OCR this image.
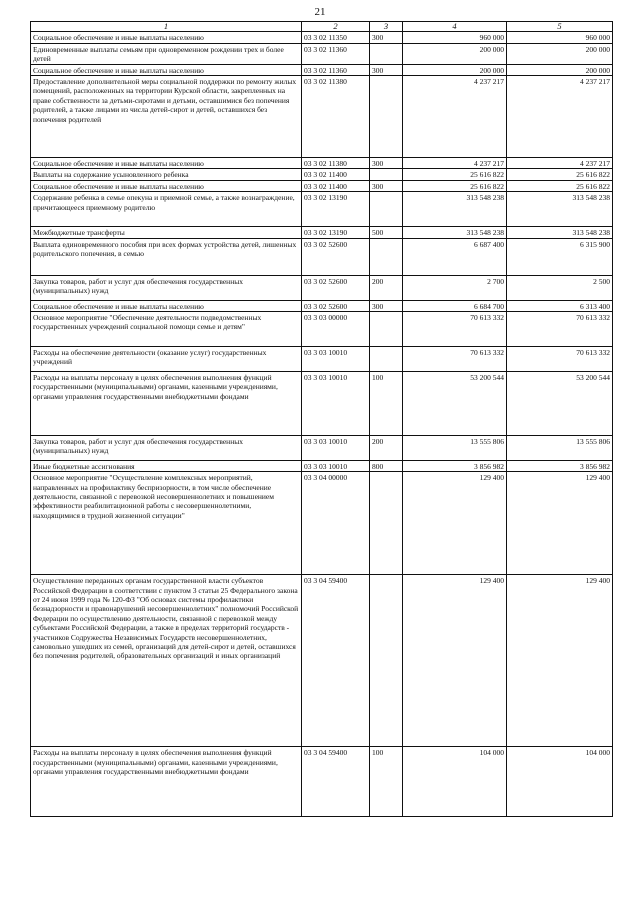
21
1	2	3	4	5
Социальное обеспечение и иные выплаты населению	03 3 02 11350	300	960 000	960 000
Единовременные выплаты семьям при одновременном рождении трех и более детей	03 3 02 11360		200 000	200 000
Социальное обеспечение и иные выплаты населению	03 3 02 11360	300	200 000	200 000
Предоставление дополнительной меры социальной поддержки по ремонту жилых помещений, расположенных на территории Курской области, закрепленных на праве собственности за детьми-сиротами и детьми, оставшимися без попечения родителей, а также лицами из числа детей-сирот и детей, оставшихся без попечения родителей	03 3 02 11380		4 237 217	4 237 217
Социальное обеспечение и иные выплаты населению	03 3 02 11380	300	4 237 217	4 237 217
Выплаты на содержание усыновленного ребенка	03 3 02 11400		25 616 822	25 616 822
Социальное обеспечение и иные выплаты населению	03 3 02 11400	300	25 616 822	25 616 822
Содержание ребенка в семье опекуна и приемной семье, а также вознаграждение, причитающееся приемному родителю	03 3 02 13190		313 548 238	313 548 238
Межбюджетные трансферты	03 3 02 13190	500	313 548 238	313 548 238
Выплата единовременного пособия при всех формах устройства детей, лишенных родительского попечения, в семью	03 3 02 52600		6 687 400	6 315 900
Закупка товаров, работ и услуг для обеспечения государственных (муниципальных) нужд	03 3 02 52600	200	2 700	2 500
Социальное обеспечение и иные выплаты населению	03 3 02 52600	300	6 684 700	6 313 400
Основное мероприятие "Обеспечение деятельности подведомственных государственных учреждений социальной помощи семье и детям"	03 3 03 00000		70 613 332	70 613 332
Расходы на обеспечение деятельности (оказание услуг) государственных учреждений	03 3 03 10010		70 613 332	70 613 332
Расходы на выплаты персоналу в целях обеспечения выполнения функций государственными (муниципальными) органами, казенными учреждениями, органами управления государственными внебюджетными фондами	03 3 03 10010	100	53 200 544	53 200 544
Закупка товаров, работ и услуг для обеспечения государственных (муниципальных) нужд	03 3 03 10010	200	13 555 806	13 555 806
Иные бюджетные ассигнования	03 3 03 10010	800	3 856 982	3 856 982
Основное мероприятие "Осуществление комплексных мероприятий, направленных на профилактику беспризорности, в том числе обеспечение деятельности, связанной с перевозкой несовершеннолетних и повышением эффективности реабилитационной работы с несовершеннолетними, находящимися в трудной жизненной ситуации"	03 3 04 00000		129 400	129 400
Осуществление переданных органам государственной власти субъектов Российской Федерации в соответствии с пунктом 3 статьи 25 Федерального закона от 24 июня 1999 года № 120-ФЗ "Об основах системы профилактики безнадзорности и правонарушений несовершеннолетних" полномочий Российской Федерации по осуществлению деятельности, связанной с перевозкой между субъектами Российской Федерации, а также в пределах территорий государств - участников Содружества Независимых Государств несовершеннолетних, самовольно ушедших из семей, организаций для детей-сирот и детей, оставшихся без попечения родителей, образовательных организаций и иных организаций	03 3 04 59400		129 400	129 400
Расходы на выплаты персоналу в целях обеспечения выполнения функций государственными (муниципальными) органами, казенными учреждениями, органами управления государственными внебюджетными фондами	03 3 04 59400	100	104 000	104 000
